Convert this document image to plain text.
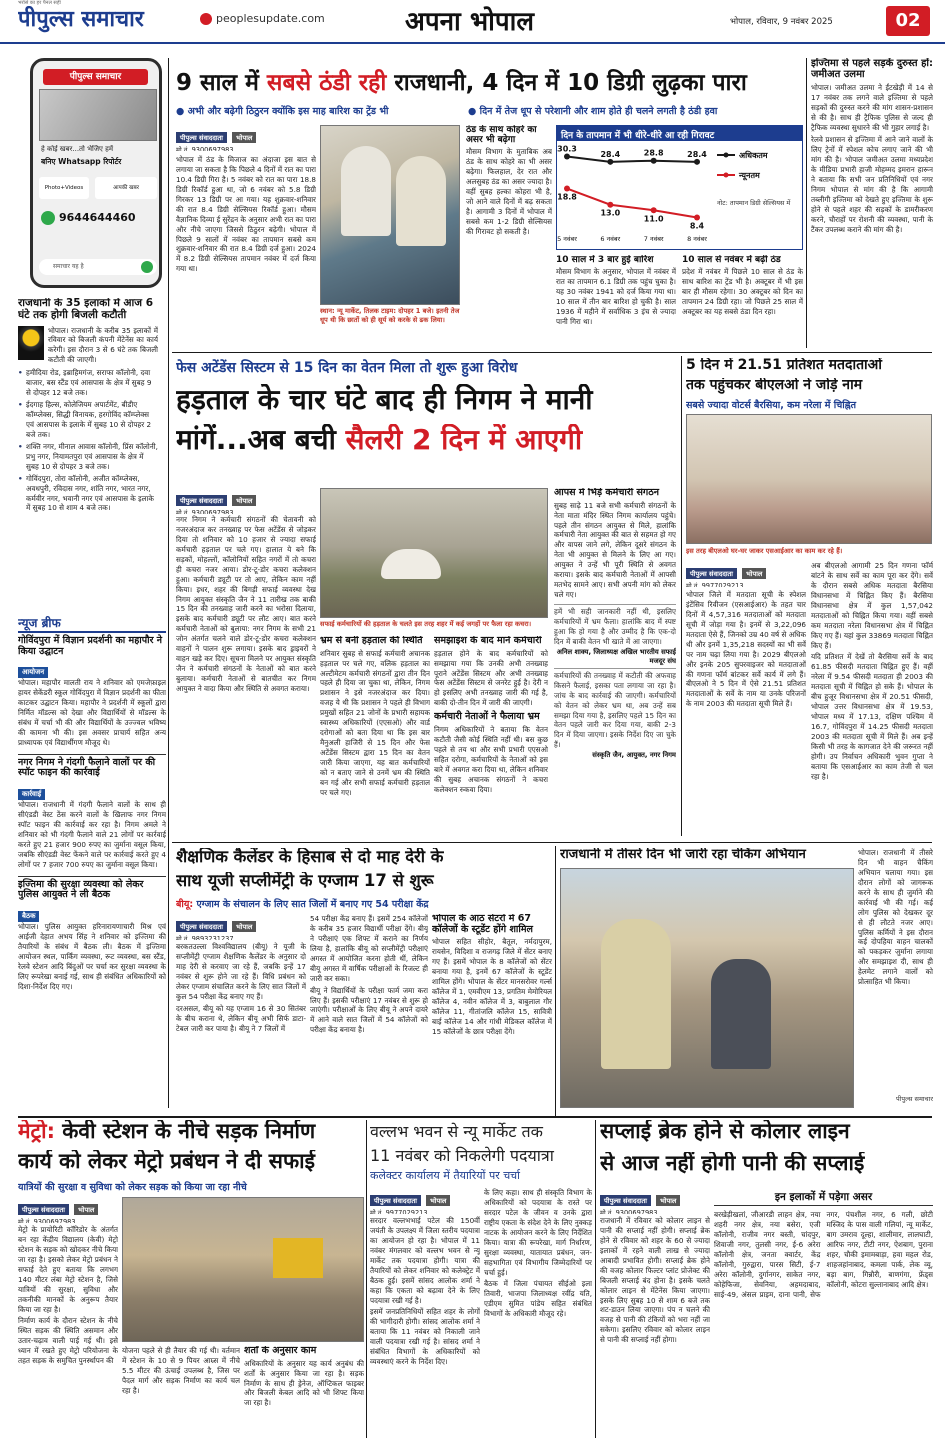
पीपुल्स समाचार
भरोसे का हर पैनल सही
peoplesupdate.com	अपना भोपाल	भोपाल, रविवार, 9 नवंबर 2025	02
पीपुल्स समाचार
हे कोई खबर...तो भेजिए हमें
बनिए Whatsapp रिपोर्टर
Photo+Videos	आपकी खबर
9644644460
समाचार यह है
राजधानी के 35 इलाकों में आज 6 घंटे तक होगी बिजली कटौती
भोपाल। राजधानी के करीब 35 इलाकों में रविवार को बिजली कंपनी मेंटेनेंस का कार्य करेगी। इस दौरान 3 से 6 घंटे तक बिजली कटौती की जाएगी।
• हमीदिया रोड, इब्राहिमगंज, सराफा कॉलोनी, दवा बाजार, बस स्टैंड एवं आसपास के क्षेत्र में सुबह 9 से दोपहर 12 बजे तक।
• ईदगाह हिल्स, कोलेजियम अपार्टमेंट, बीडीए कॉम्प्लेक्स, सिद्धी विनायक, हरगोविंद कॉम्प्लेक्स एवं आसपास के इलाके में सुबह 10 से दोपहर 2 बजे तक।
• शक्ति नगर, मीनाल आवास कॉलोनी, प्रिंस कॉलोनी, प्रभु नगर, नियामतपुरा एवं आसपास के क्षेत्र में सुबह 10 से दोपहर 3 बजे तक।
• गोविंदपुरा, तोरा कॉलोनी, अजीत कॉम्प्लेक्स, अवधपुरी, रविदास नगर, शांति नगर, भारत नगर, कर्मवीर नगर, भवानी नगर एवं आसपास के इलाके में सुबह 10 से शाम 4 बजे तक।
न्यूज ब्रीफ
गोविंदपुरा में विज्ञान प्रदर्शनी का महापौर ने किया उद्घाटन
आयोजन
भोपाल। महापौर मालती राय ने शनिवार को एमजेफ़ाइल हायर सेकेंडरी स्कूल गोविंदपुरा में विज्ञान प्रदर्शनी का फीता काटकर उद्घाटन किया। महापौर ने प्रदर्शनी में स्कूलों द्वारा निर्मित मॉडल्स को देखा और विद्यार्थियों से मॉडल्स के संबंध में चर्चा भी की और विद्यार्थियों के उज्ज्वल भविष्य की कामना भी की। इस अवसर प्राचार्य सहित अन्य प्राध्यापक एवं विद्यार्थीगण मौजूद थे।
नगर निगम ने गंदगी फैलाने वालों पर की स्पॉट फाइन की कार्रवाई
कार्रवाई
भोपाल। राजधानी में गंदगी फैलाने वालों के साथ ही सीएंडडी वेस्ट ठेंस करने वालों के खिलाफ नगर निगम स्पॉट फाइन की कार्रवाई कर रहा है। निगम अमले ने शनिवार को भी गंदगी फैलाने वाले 21 लोगों पर कार्रवाई करते हुए 21 हजार 900 रुपए का जुर्माना वसूल किया, जबकि सीएंडडी वेस्ट फेंकने वाले पर कार्रवाई करते हुए 4 लोगों पर 7 हजार 700 रुपए का जुर्माना वसूल किया।
इज्तिमा की सुरक्षा व्यवस्था को लेकर पुलिस आयुक्त ने ली बैठक
बैठक
भोपाल। पुलिस आयुक्त हरिनारायणाचारी मिश्र एवं आईजी देहात अभय सिंह ने शनिवार को इज्तिमा की तैयारियों के संबंध में बैठक ली। बैठक में इज्तिमा आयोजन स्थल, पार्किंग व्यवस्था, रूट व्यवस्था, बस स्टैंड, रेलवे स्टेशन आदि बिंदुओं पर चर्चा कर सुरक्षा व्यवस्था के लिए रूपरेखा बनाई गई, साथ ही संबंधित अधिकारियों को दिशा-निर्देश दिए गए।
9 साल में सबसे ठंडी रही राजधानी, 4 दिन में 10 डिग्री लुढ़का पारा
● अभी और बढ़ेगी ठिठुरन क्योंकि इस माह बारिश का ट्रेंड भी	● दिन में तेज धूप से परेशानी और शाम होते ही चलने लगती है ठंडी हवा
पीपुल्स संवाददाता भोपाल
मो.नं. 9300697983
भोपाल में ठंड के मिजाज का अंदाजा इस बात से लगाया जा सकता है कि पिछले 4 दिनों में रात का पारा 10.4 डिग्री गिरा है। 5 नवंबर को रात का पारा 18.8 डिग्री रिकॉर्ड हुआ था, जो 6 नवंबर को 5.8 डिग्री गिरकर 13 डिग्री पर आ गया। यह शुक्रवार-शनिवार की रात 8.4 डिग्री सेल्सियस रिकॉर्ड हुआ। मौसम वैज्ञानिक दिव्या ई सुरेंद्रन के अनुसार अभी रात का पारा और नीचे जाएगा जिससे ठिठुरन बढ़ेगी। भोपाल में पिछले 9 सालों में नवंबर का तापमान सबसे कम शुक्रवार-शनिवार की रात 8.4 डिग्री दर्ज हुआ। 2024 में 8.2 डिग्री सेल्सियस तापमान नवंबर में दर्ज किया गया था।
स्थान: न्यू मार्केट, तिलक टाइम: दोपहर 1 बजे। इतनी तेज धूप थी कि छातों को ही सूर्य को करके से ढक लिया।
ठंड के साथ कोहरे का असर भी बढ़ेगा
मौसम विभाग के मुताबिक अब ठंड के साथ कोहरे का भी असर बढ़ेगा। फिलहाल, देर रात और अलसुबह ठंड का असर ज्यादा है। वहीं सुबह हल्का कोहरा भी है, जो आने वाले दिनों में बढ़ सकता है। आगामी 3 दिनों में भोपाल में सबसे कम 1-2 डिग्री सेल्सियस की गिरावट हो सकती है।
दिन के तापमान में भी धीरे-धीरे आ रही गिरावट
30.3
28.4	28.8	28.4
18.8
13.0
11.0
8.4
5 नवंबर	6 नवंबर	7 नवंबर	8 नवंबर
अधिकतम
न्यूनतम
नोट: तापमान डिग्री सेल्सियस में
10 साल में 3 बार हुई बारिश
मौसम विभाग के अनुसार, भोपाल में नवंबर में रात का तापमान 6.1 डिग्री तक पहुंच चुका है। यह 30 नवंबर 1941 को दर्ज किया गया था। 10 साल में तीन बार बारिश हो चुकी है। साल 1936 में महीने में सर्वाधिक 3 इंच से ज्यादा पानी गिरा था।
10 साल से नवंबर में बढ़ी ठंड
प्रदेश में नवंबर में पिछले 10 साल से ठंड के साथ बारिश का ट्रेंड भी है। अक्टूबर में भी इस बार ही मौसम रहेगा। 30 अक्टूबर को दिन का तापमान 24 डिग्री रहा। जो पिछले 25 साल में अक्टूबर का यह सबसे ठंडा दिन रहा।
इज्तिमा से पहले सड़कें दुरुस्त हों: जमीअत उलमा
भोपाल। जमीअत उलमा ने ईंटखेड़ी में 14 से 17 नवंबर तक लगने वाले इज्तिमा से पहले सड़कों की दुरुस्त करने की मांग शासन-प्रशासन से की है। साथ ही ट्रैफिक पुलिस से जल्द ही ट्रैफिक व्यवस्था सुधारने की भी गुहार लगाई है।
रेलवे प्रशासन से इज्तिमा में आने जाने वालों के लिए ट्रेनों में स्पेशल कोच लगाए जाने की भी मांग की है। भोपाल जमीअत उलमा मध्यप्रदेश के मीडिया प्रभारी हाजी मोहम्मद इमरान हारून ने बताया कि सभी जन प्रतिनिधियों एवं नगर निगम भोपाल से मांग की है कि आगामी तब्लीगी इज्तिमा को देखते हुए इज्तिमा के शुरू होने से पहले शहर की सड़कों के डामरीकरण करने, चौराहों पर रोशनी की व्यवस्था, पानी के टैंकर उपलब्ध कराने की मांग की है।
फेस अटेंडेंस सिस्टम से 15 दिन का वेतन मिला तो शुरू हुआ विरोध
हड़ताल के चार घंटे बाद ही निगम ने मानी
मांगें...अब बची सैलरी 2 दिन में आएगी
पीपुल्स संवाददाता भोपाल
मो.नं. 9300697983
नगर निगम ने कर्मचारी संगठनों की चेतावनी को नजरअंदाज कर तनख्वाह पर फेस अटेंडेंस से जोड़कर दिया तो शनिवार को 10 हजार से ज्यादा सफाई कर्मचारी हड़ताल पर चले गए। हालात ये बने कि सड़कों, मोहल्लों, कॉलोनियों सहित नगरों में तो कचरा ही कचरा नजर आया। डोर-टू-डोर कचरा कलेक्शन हुआ। कर्मचारी ड्यूटी पर तो आए, लेकिन काम नहीं किया। इधर, शहर की बिगड़ी सफाई व्यवस्था देख निगम आयुक्त संस्कृति जैन ने 11 तारीख तक बाकी 15 दिन की तनख्वाह जारी करने का भरोसा दिलाया, इसके बाद कर्मचारी ड्यूटी पर लौट आए। बात करने कर्मचारी नेताओं को बुलाया: नगर निगम के सभी 21 जोन अंतर्गत चलने वाले डोर-टू-डोर कचरा कलेक्शन वाहनों ने पालन शुरू लगाया। इसके बाद ड्राइवरों ने वाहन खड़े कर दिए। सूचना मिलने पर आयुक्त संस्कृति जैन ने कर्मचारी संगठनों के नेताओं को बात करने बुलाया। कर्मचारी नेताओं से बातचीत कर निगम आयुक्त ने वादा किया और स्थिति से अवगत कराया।
सफाई कर्मचारियों की हड़ताल के चलते इस तरह शहर में कई जगहों पर फैला रहा कचरा।
भ्रम से बनी हड़ताल की स्थिति
शनिवार सुबह से सफाई कर्मचारी अचानक हड़ताल पर चले गए, वलिक हड़ताल का अल्टीमेटम कर्मचारी संगठनों द्वारा तीन दिन पहले ही दिया जा चुका था, लेकिन, निगम प्रशासन ने इसे नजरअंदाज कर दिया। वजह ये थी कि प्रशासन ने पहले ही विभाग प्रमुखों सहित 21 जोनों के प्रभारी सहायक स्वास्थ्य अधिकारियों (एएसओ) और वार्ड दरोगाओं को बता दिया था कि इस बार मैनुअली हाजिरी से 15 दिन और फेस अटेंडेंस सिस्टम द्वारा 15 दिन का वेतन जारी किया जाएगा, यह बात कर्मचारियों को न बताए जाने से उनमें भ्रम की स्थिति बन गई और सभी सफाई कर्मचारी हड़ताल पर चले गए।
समझाइश के बाद माने कर्मचारी
हड़ताल होने के बाद कर्मचारियों को समझाया गया कि उनकी अभी तनख्वाह पूराने अटेंडेंस सिस्टम और अभी तनख्वाह फेस अटेंडेंस सिस्टम से जनरेट हुई है। देरी न हो इसलिए अभी तनख्वाह जारी की गई है, बाकी दो-तीन दिन में जारी की जाएगी।
कर्मचारी नेताओं ने फैलाया भ्रम
निगम अधिकारियों ने बताया कि वेतन कटौती जैसी कोई स्थिति नहीं थी। बस कुछ पहले से तय था और सभी प्रभारी एएसओ सहित दरोगा, कर्मचारियों के नेताओं को इस बारे में अवगत करा दिया था, लेकिन शनिवार की सुबह अचानक संगठनों ने कचरा कलेक्शन रुकवा दिया।
आपस में भिड़े कर्मचारी संगठन
सुबह साढ़े 11 बजे सभी कर्मचारी संगठनों के नेता माता मंदिर स्थित निगम कार्यालय पहुंचे। पहले तीन संगठन आयुक्त से मिले, हालांकि कर्मचारी नेता आयुक्त की बात से सहमत हो गए और वापस जाने लगे, लेकिन दूसरे संगठन के नेता भी आयुक्त से मिलने के लिए आ गए। आयुक्त ने उन्हें भी पूरी स्थिति से अवगत कराया। इसके बाद कर्मचारी नेताओं में आपसी मतभेद सामने आए। सभी अपनी मांग को लेकर चले गए।
हमें भी सही जानकारी नहीं थी, इसलिए कर्मचारियों में भ्रम फैला। हालांकि बाद में स्पष्ट हुआ कि हो गया है और उम्मीद है कि एक-दो दिन में बाकी वेतन भी खाते में आ जाएगा।
अनिल शाक्य, जिलाध्यक्ष अखिल भारतीय सफाई मजदूर संघ
कर्मचारियों की तनख्वाह में कटौती की अफवाह किसने फैलाई, इसका पता लगाया जा रहा है। जांच के बाद कार्रवाई की जाएगी। कर्मचारियों को वेतन को लेकर भ्रम था, अब उन्हें सब समझा दिया गया है, इसलिए पहले 15 दिन का वेतन पहले जारी कर दिया गया, बाकी 2-3 दिन में दिया जाएगा। इसके निर्देश दिए जा चुके हैं।
संस्कृति जैन, आयुक्त, नगर निगम
5 दिन में 21.51 प्रतिशत मतदाताओं
तक पहुंचकर बीएलओ ने जोड़े नाम
सबसे ज्यादा वोटर्स बैरसिया, कम नरेला में चिह्नित
इस तरह बीएलओ घर-घर जाकर एसआईआर का काम कर रहे हैं।
पीपुल्स संवाददाता भोपाल
मो.नं. 9977029213
भोपाल जिले में मतदाता सूची के स्पेशल इंटेंसिव रिवीजन (एसआईआर) के तहत चार दिनों में 4,57,316 मतदाताओं को मतदाता सूची में जोड़ा गया है। इनमें से 3,22,096 मतदाता ऐसे हैं, जिनको उम्र 40 वर्ष से अधिक थी और इनमें 1,35,218 सदस्यों का भी सर्वे पर नाम चढ़ा लिया गया है। 2029 बीएलओ और इनके 205 सुपरवाइजर को मतदाताओं की गणना फॉर्म बांटकर सर्वे कार्य में लगे हैं। बीएलओ ने 5 दिन में ऐसे 21.51 प्रतिशत मतदाताओं के सर्वे के नाम या उनके परिजनों के नाम 2003 की मतदाता सूची मिले हैं।
अब बीएलओ आगामी 25 दिन गणना फॉर्म बांटने के साथ सर्वे का काम पूरा कर देंगे। सर्वे के दौरान सबसे अधिक मतदाता बैरसिया विधानसभा में चिह्नित किए हैं। बैरसिया विधानसभा क्षेत्र में कुल 1,57,042 मतदाताओं को चिह्नित किया गया। वहीं सबसे कम मतदाता नरेला विधानसभा क्षेत्र में चिह्नित किए गए हैं। यहां कुल 33869 मतदाता चिह्नित किए हैं।
यदि प्रतिशत में देखें तो बैरसिया सर्वे के बाद 61.85 फीसदी मतदाता चिह्नित हुए हैं। वहीं नरेला में 9.54 फीसदी मतदाता ही 2003 की मतदाता सूची में चिह्नित हो सके हैं। भोपाल के बीच हुजूर विधानसभा क्षेत्र में 20.51 फीसदी, भोपाल उत्तर विधानसभा क्षेत्र में 19.53, भोपाल मध्य में 17.13, दक्षिण पश्चिम में 16.7, गोविंदपुरा में 14.25 फीसदी मतदाता 2003 की मतदाता सूची में मिले हैं। अब इन्हें किसी भी तरह के कागजात देने की जरूरत नहीं होगी। उप निर्वाचन अधिकारी भुवन गुप्ता ने बताया कि एसआईआर का काम तेजी से चल रहा है।
शैक्षणिक कैलेंडर के हिसाब से दो माह देरी के
साथ यूजी सप्लीमेंट्री के एग्जाम 17 से शुरू
बीयू: एग्जाम के संचालन के लिए सात जिलों में बनाए गए 54 परीक्षा केंद्र
पीपुल्स संवाददाता भोपाल
मो.नं. 9893231237
बरकतउल्ला विश्वविद्यालय (बीयू) ने यूजी के सप्लीमेंट्री एग्जाम शैक्षणिक कैलेंडर के अनुसार दो माह देरी से करवाए जा रहे हैं, जबकि इन्हें 17 नवंबर से शुरू होने जा रहे हैं। विधि प्रबंधन को लेकर एग्जाम संचालित करने के लिए सात जिलों में कुल 54 परीक्षा केंद्र बनाए गए हैं।
दरअसल, बीयू को यह एग्जाम 16 से 30 सितंबर के बीच कराना थे, लेकिन बीयू अभी सिर्फ डाटा-टेबल जारी कर पाया है। बीयू ने 7 जिलों में
54 परीक्षा केंद्र बनाए हैं। इसमें 254 कॉलेजों के करीब 35 हजार विद्यार्थी परीक्षा देंगे। बीयू ने परीक्षाएं एक शिफ्ट में कराने का निर्णय लिया है, हालांकि बीयू को सप्लीमेंट्री परीक्षाएं अगस्त में आयोजित करना होती थीं, लेकिन बीयू अगस्त में वार्षिक परीक्षाओं के रिजल्ट ही जारी कर सका।
बीयू ने विद्यार्थियों के परीक्षा फार्म जमा करा लिए हैं। इसकी परीक्षाएं 17 नवंबर से शुरू हो जाएंगी। परीक्षाओं के लिए बीयू ने अपने दायरे में आने वाले सात जिलों में 54 कॉलेजों को परीक्षा केंद्र बनाया है।
भोपाल के आठ सेंटरों में 67 कॉलेजों के स्टूडेंट होंगे शामिल
भोपाल सहित सीहोर, बैतूल, नर्मदापुरम, रायसेन, विदिशा व राजगढ़ जिले में सेंटर बनाए गए हैं। इसमें भोपाल के 8 कॉलेजों को सेंटर बनाया गया है, इनमें 67 कॉलेजों के स्टूडेंट शामिल होंगे। भोपाल के सेंटर मानसरोवर गर्ल्स कॉलेज में 1, एमवीएम 13, प्रगतिम मेमोरियल कॉलेज 4, नवीन कॉलेज में 3, बाबुलाल गौर कॉलेज 11, गीतांजलि कॉलेज 15, सावित्री बाई कॉलेज 14 और गांधी मेडिकल कॉलेज में 15 कॉलेजों के छात्र परीक्षा देंगे।
राजधानी में तीसरे दिन भी जारी रहा चेकिंग अभियान
पीपुल्स समाचार
भोपाल। राजधानी में तीसरे दिन भी वाहन चैकिंग अभियान चलाया गया। इस दौरान लोगों को जागरूक करने के साथ ही जुर्माने की कार्रवाई भी की गई। कई लोग पुलिस को देखकर दूर से ही लौटते नजर आए। पुलिस कर्मियों ने इस दौरान कई दोपहिया वाहन चालकों को पकड़कर जुर्माना लगाया और समझाइश दी, साथ ही हेलमेट लगाने वालों को प्रोत्साहित भी किया।
मेट्रो: केवी स्टेशन के नीचे सड़क निर्माण
कार्य को लेकर मेट्रो प्रबंधन ने दी सफाई
यात्रियों की सुरक्षा व सुविधा को लेकर सड़क को किया जा रहा नीचे
पीपुल्स संवाददाता भोपाल
मो.नं. 9300697983
मेट्रो के प्रायोरिटी कॉरिडोर के अंतर्गत बन रहा केंद्रीय विद्यालय (केवी) मेट्रो स्टेशन के सड़क को खोदकर नीचे किया जा रहा है। इसको लेकर मेट्रो प्रबंधन ने सफाई देते हुए बताया कि लगभग 140 मीटर लंबा मेट्रो स्टेशन है, जिसे यात्रियों की सुरक्षा, सुविधा और तकनीकी मानकों के अनुरूप तैयार किया जा रहा है।
निर्माण कार्य के दौरान स्टेशन के नीचे स्थित सड़क की स्थिति असमान और उतार-चढ़ाव वाली पाई गई थी। इसे ध्यान में रखते हुए मेट्रो परियोजना के तहत सड़क के समुचित पुनर्स्थापन की
योजना पहले से ही तैयार की गई थी। वर्तमान में स्टेशन के 10 से 9 पियर आम्र्स में नीचे 5.5 मीटर की ऊंचाई उपलब्ध है, जिस पर पैदल मार्ग और सड़क निर्माण का कार्य चल रहा है।
शर्तों के अनुसार काम
अधिकारियों के अनुसार यह कार्य अनुबंध की शर्तों के अनुसार किया जा रहा है। सड़क निर्माण के साथ ही ड्रेनेज, ऑप्टिकल फाइबर और बिजली केबल आदि को भी शिफ्ट किया जा रहा है।
वल्लभ भवन से न्यू मार्केट तक
11 नवंबर को निकलेगी पदयात्रा
कलेक्टर कार्यालय में तैयारियों पर चर्चा
पीपुल्स संवाददाता भोपाल
मो.नं. 9977029213
सरदार वल्लभभाई पटेल की 150वीं जयंती के उपलक्ष्य में जिला स्तरीय पदयात्रा का आयोजन हो रहा है। भोपाल में 11 नवंबर मंगलवार को वल्लभ भवन से न्यू मार्केट तक पदयात्रा होगी। यात्रा की तैयारियों को लेकर शनिवार को कलेक्ट्रेट में बैठक हुई। इसमें सांसद आलोक शर्मा ने कहा कि एकता को बढ़ावा देने के लिए पदयात्रा रखी गई है।
इसमें जनप्रतिनिधियों सहित शहर के लोगों की भागीदारी होगी। सांसद आलोक शर्मा ने बताया कि 11 नवंबर को निकाली जाने वाली पदयात्रा रखी गई है। सांसद शर्मा ने संबंधित विभागों के अधिकारियों को व्यवस्थाएं करने के निर्देश दिए।
के लिए कहा। साथ ही संस्कृति विभाग के अधिकारियों को पदयात्रा के रास्ते पर सरदार पटेल के जीवन व उनके द्वारा राष्ट्रीय एकता के संदेश देने के लिए नुक्कड़ नाटक के आयोजन करने के लिए निर्देशित किया। यात्रा की रूपरेखा, मार्ग निर्धारण, सुरक्षा व्यवस्था, यातायात प्रबंधन, जन-सहभागिता एवं विभागीय जिम्मेदारियों पर चर्चा हुई।
बैठक में जिला पंचायत सीईओ इला तिवारी, भाजपा जिलाध्यक्ष रवींद्र यति, एडीएम सुमित पांडेय सहित संबंधित विभागों के अधिकारी मौजूद रहे।
सप्लाई ब्रेक होने से कोलार लाइन
से आज नहीं होगी पानी की सप्लाई
पीपुल्स संवाददाता भोपाल
मो.नं. 9300697983
राजधानी में रविवार को कोलार लाइन से पानी की सप्लाई नहीं होगी। सप्लाई ब्रेक होने से रविवार को शहर के 60 से ज्यादा इलाकों में रहने वाली लाख से ज्यादा आबादी प्रभावित होगी। सप्लाई ब्रेक होने की वजह कोलार फिल्टर प्लांट प्रोजेक्ट की बिजली सप्लाई बंद होना है। इसके चलते कोलार लाइन से मेंटेनेंस किया जाएगा। इसके लिए सुबह 10 से शाम 6 बजे तक शट-डाउन लिया जाएगा। पंप न चलने की वजह से पानी की टंकियों को भरा नहीं जा सकेगा। इसलिए रविवार को कोलार लाइन से पानी की सप्लाई नहीं होगा।
इन इलाकों में पड़ेगा असर
बरखेड़ीखलां, जीआरडी लाहन क्षेत्र, नया शहरी नगर क्षेत्र, नया बसेरा, एजी कॉलोनी, राजीव नगर बस्ती, चांदपुर, शिवाजी नगर, तुलसी नगर, ई-6 अरेरा कॉलोनी क्षेत्र, जनता क्वार्टर, केंद्र कॉलोनी, गुरुद्वारा, पारस सिटी, ई-7 अरेरा कॉलोनी, दुर्गानगर, साकेत नगर, कोहेफिजा, सेवनिया, अहमदाबाद, साई-49, अंसल प्राइम, दाना पानी, सेफ नगर, पंचशील नगर, 6 गली, छोटी मस्जिद के पास वाली गलियां, न्यू मार्केट, बाग उमराव दूल्हा, शालीमार, लालघाटी, आरिफ नगर, टीटी नगर, ऐशबाग, पुराना शहर, चौकी इमामबाड़ा, हवा महल रोड, शाहजहांनाबाद, कमला पार्क, लेक व्यू, बड़ा बाग, गिन्नौरी, बाणगंगा, फ्रेंड्स कॉलोनी, कोटरा सुल्तानाबाद आदि क्षेत्र।
